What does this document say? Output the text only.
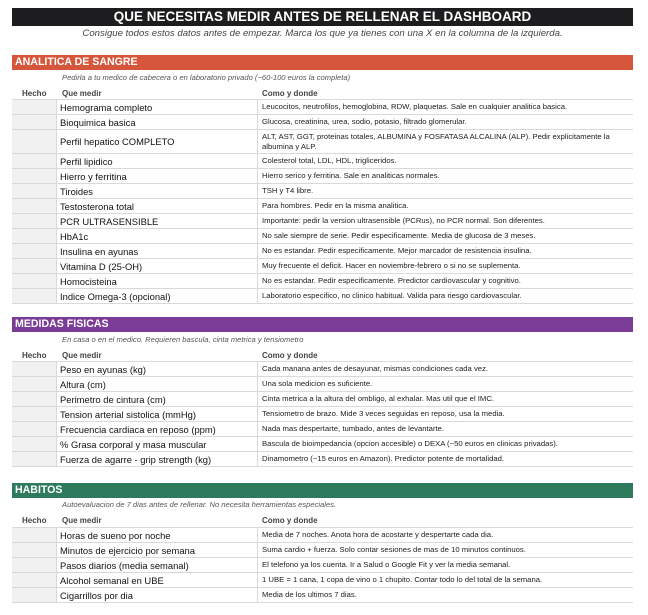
QUE NECESITAS MEDIR ANTES DE RELLENAR EL DASHBOARD
Consigue todos estos datos antes de empezar. Marca los que ya tienes con una X en la columna de la izquierda.
ANALITICA DE SANGRE
Pedirla a tu medico de cabecera o en laboratorio privado (~60-100 euros la completa)
Hecho Que medir	Como y donde
Hemograma completo	Leucocitos, neutrofilos, hemoglobina, RDW, plaquetas. Sale en cualquier analitica basica.
Bioquimica basica	Glucosa, creatinina, urea, sodio, potasio, filtrado glomerular.
Perfil hepatico COMPLETO	ALT, AST, GGT, proteinas totales, ALBUMINA y FOSFATASA ALCALINA (ALP). Pedir explicitamente la albumina y ALP.
Perfil lipidico	Colesterol total, LDL, HDL, trigliceridos.
Hierro y ferritina	Hierro serico y ferritina. Sale en analiticas normales.
Tiroides	TSH y T4 libre.
Testosterona total	Para hombres. Pedir en la misma analitica.
PCR ULTRASENSIBLE	Importante: pedir la version ultrasensible (PCRus), no PCR normal. Son diferentes.
HbA1c	No sale siempre de serie. Pedir especificamente. Media de glucosa de 3 meses.
Insulina en ayunas	No es estandar. Pedir especificamente. Mejor marcador de resistencia insulina.
Vitamina D (25-OH)	Muy frecuente el deficit. Hacer en noviembre-febrero o si no se suplementa.
Homocisteina	No es estandar. Pedir especificamente. Predictor cardiovascular y cognitivo.
Indice Omega-3 (opcional)	Laboratorio especifico, no clinico habitual. Valida para riesgo cardiovascular.
MEDIDAS FISICAS
En casa o en el medico. Requieren bascula, cinta metrica y tensiometro
Hecho Que medir	Como y donde
Peso en ayunas (kg)	Cada manana antes de desayunar, mismas condiciones cada vez.
Altura (cm)	Una sola medicion es suficiente.
Perimetro de cintura (cm)	Cinta metrica a la altura del ombligo, al exhalar. Mas util que el IMC.
Tension arterial sistolica (mmHg)	Tensiometro de brazo. Mide 3 veces seguidas en reposo, usa la media.
Frecuencia cardiaca en reposo (ppm)	Nada mas despertarte, tumbado, antes de levantarte.
% Grasa corporal y masa muscular	Bascula de bioimpedancia (opcion accesible) o DEXA (~50 euros en clinicas privadas).
Fuerza de agarre - grip strength (kg)	Dinamometro (~15 euros en Amazon). Predictor potente de mortalidad.
HABITOS
Autoevaluacion de 7 dias antes de rellenar. No necesita herramientas especiales.
Hecho Que medir	Como y donde
Horas de sueno por noche	Media de 7 noches. Anota hora de acostarte y despertarte cada dia.
Minutos de ejercicio por semana	Suma cardio + fuerza. Solo contar sesiones de mas de 10 minutos continuos.
Pasos diarios (media semanal)	El telefono ya los cuenta. Ir a Salud o Google Fit y ver la media semanal.
Alcohol semanal en UBE	1 UBE = 1 cana, 1 copa de vino o 1 chupito. Contar todo lo del total de la semana.
Cigarrillos por dia	Media de los ultimos 7 dias.
